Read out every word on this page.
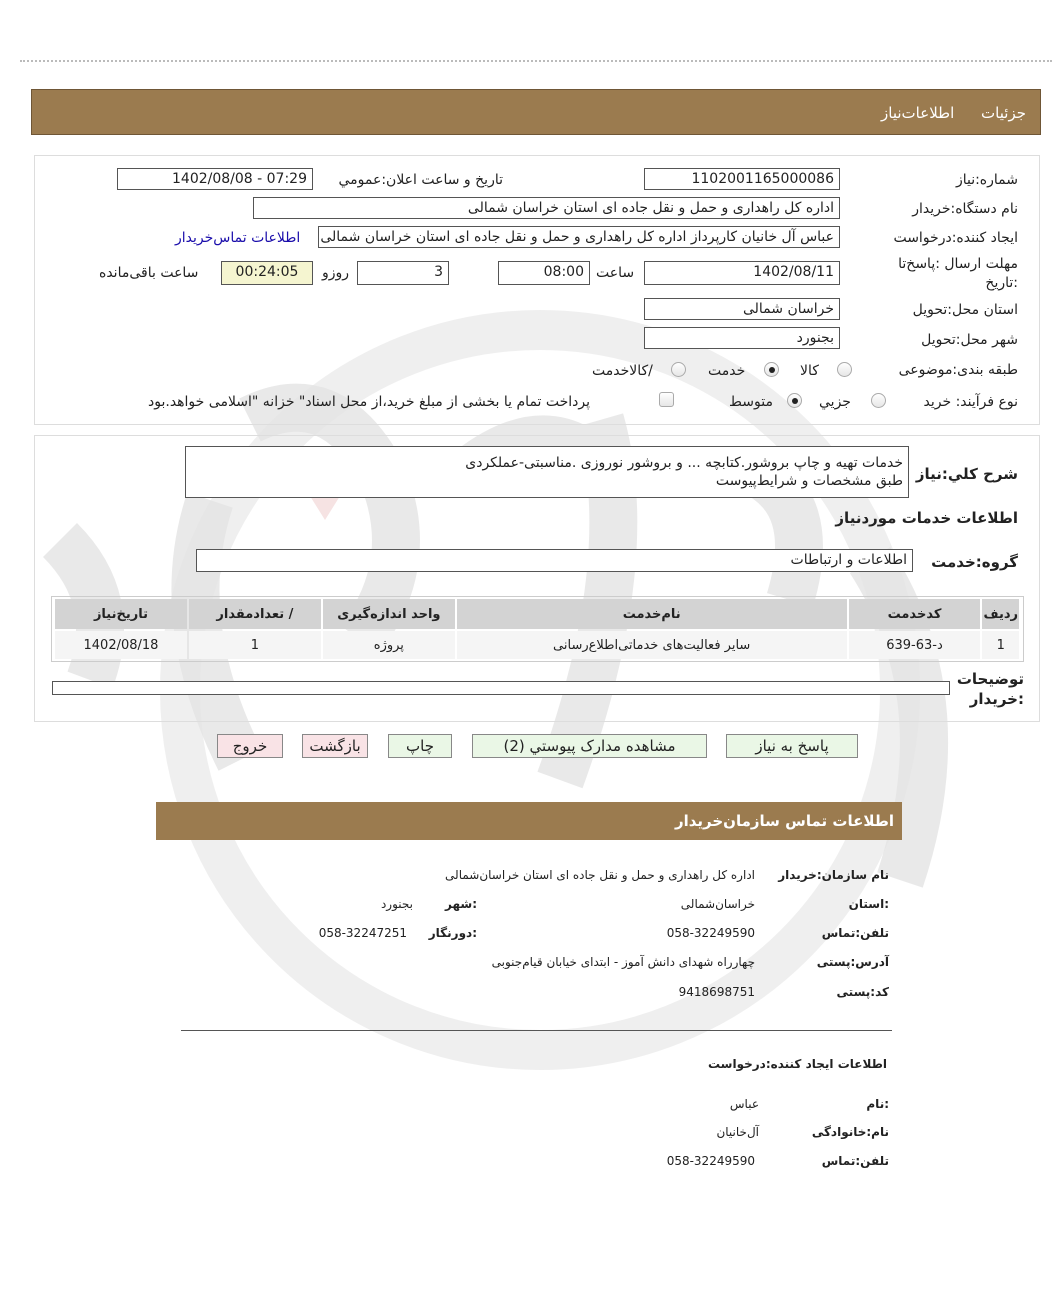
جزئیات اطلاعات‌نیاز
شماره:نیاز
1102001165000086
تاريخ و ساعت اعلان:عمومي
1402/08/08 - 07:29
نام دستگاه:خریدار
اداره کل راهداری و حمل و نقل جاده ای استان خراسان شمالی
ایجاد کننده:درخواست
عباس آل خانیان کارپرداز اداره کل راهداری و حمل و نقل جاده ای استان خراسان شمالی
اطلاعات تماس‌خریدار
مهلت ارسال :پاسخ‌تا
:تاریخ
1402/08/11
ساعت
08:00
3
روزو
00:24:05
ساعت باقی‌مانده
استان محل:تحویل
خراسان شمالی
شهر محل:تحویل
بجنورد
طبقه بندی:موضوعی
کالا
خدمت
/کالاخدمت
نوع فرآیند: خرید
جزیي
متوسط
پرداخت تمام یا بخشی از مبلغ خرید،از محل اسناد" خزانه "اسلامی خواهد.بود
شرح کلي:نیاز
خدمات تهیه و چاپ بروشور.کتابچه ... و بروشور نوروزی .مناسبتی-عملکردی
طبق مشخصات و شرایط‌پیوست
اطلاعات خدمات موردنیاز
گروه:خدمت
اطلاعات و ارتباطات
ردیف	کدخدمت	نام‌خدمت	واحد اندازه‌گیری	/ تعدادمقدار	تاریخ‌نیاز
1	د-63-639	سایر فعالیت‌های خدماتی‌اطلاع‌رسانی	پروژه	1	1402/08/18
توضیحات
:خریدار
پاسخ به نیاز
مشاهده مدارک پیوستي (2)
چاپ
بازگشت
خروج
اطلاعات تماس سازمان‌خریدار
نام سازمان:خریدار
اداره کل راهداری و حمل و نقل جاده ای استان خراسان‌شمالی
:استان
خراسان‌شمالی
:شهر
بجنورد
تلفن:تماس
058-32249590
:دورنگار
058-32247251
آدرس:پستی
چهارراه شهدای دانش آموز - ابتدای خیابان قیام‌جنوبی
کد:پستی
9418698751
اطلاعات ایجاد کننده:درخواست
:نام
عباس
نام:خانوادگی
آل‌خانیان
تلفن:تماس
058-32249590
